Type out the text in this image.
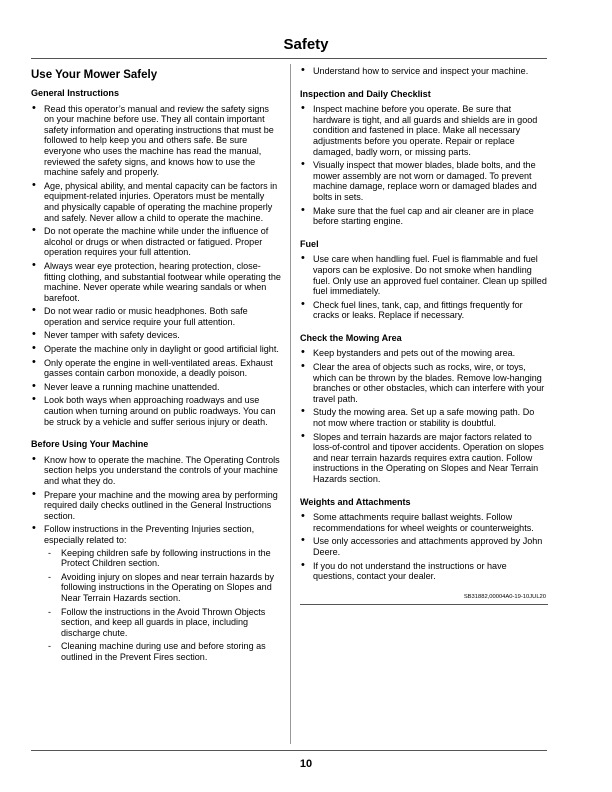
Safety
Use Your Mower Safely
General Instructions
• Read this operator’s manual and review the safety signs on your machine before use. They all contain important safety information and operating instructions that must be followed to help keep you and others safe. Be sure everyone who uses the machine has read the manual, reviewed the safety signs, and knows how to use the machine safely and properly.
• Age, physical ability, and mental capacity can be factors in equipment-related injuries. Operators must be mentally and physically capable of operating the machine properly and safely. Never allow a child to operate the machine.
• Do not operate the machine while under the influence of alcohol or drugs or when distracted or fatigued. Proper operation requires your full attention.
• Always wear eye protection, hearing protection, close-fitting clothing, and substantial footwear while operating the machine. Never operate while wearing sandals or when barefoot.
• Do not wear radio or music headphones. Both safe operation and service require your full attention.
• Never tamper with safety devices.
• Operate the machine only in daylight or good artificial light.
• Only operate the engine in well-ventilated areas. Exhaust gasses contain carbon monoxide, a deadly poison.
• Never leave a running machine unattended.
• Look both ways when approaching roadways and use caution when turning around on public roadways. You can be struck by a vehicle and suffer serious injury or death.
Before Using Your Machine
• Know how to operate the machine. The Operating Controls section helps you understand the controls of your machine and what they do.
• Prepare your machine and the mowing area by performing required daily checks outlined in the General Instructions section.
• Follow instructions in the Preventing Injuries section, especially related to:
- Keeping children safe by following instructions in the Protect Children section.
- Avoiding injury on slopes and near terrain hazards by following instructions in the Operating on Slopes and Near Terrain Hazards section.
- Follow the instructions in the Avoid Thrown Objects section, and keep all guards in place, including discharge chute.
- Cleaning machine during use and before storing as outlined in the Prevent Fires section.
• Understand how to service and inspect your machine.
Inspection and Daily Checklist
• Inspect machine before you operate. Be sure that hardware is tight, and all guards and shields are in good condition and fastened in place. Make all necessary adjustments before you operate. Repair or replace damaged, badly worn, or missing parts.
• Visually inspect that mower blades, blade bolts, and the mower assembly are not worn or damaged. To prevent machine damage, replace worn or damaged blades and bolts in sets.
• Make sure that the fuel cap and air cleaner are in place before starting engine.
Fuel
• Use care when handling fuel. Fuel is flammable and fuel vapors can be explosive. Do not smoke when handling fuel. Only use an approved fuel container. Clean up spilled fuel immediately.
• Check fuel lines, tank, cap, and fittings frequently for cracks or leaks. Replace if necessary.
Check the Mowing Area
• Keep bystanders and pets out of the mowing area.
• Clear the area of objects such as rocks, wire, or toys, which can be thrown by the blades. Remove low-hanging branches or other obstacles, which can interfere with your travel path.
• Study the mowing area. Set up a safe mowing path. Do not mow where traction or stability is doubtful.
• Slopes and terrain hazards are major factors related to loss-of-control and tipover accidents. Operation on slopes and near terrain hazards requires extra caution. Follow instructions in the Operating on Slopes and Near Terrain Hazards section.
Weights and Attachments
• Some attachments require ballast weights. Follow recommendations for wheel weights or counterweights.
• Use only accessories and attachments approved by John Deere.
• If you do not understand the instructions or have questions, contact your dealer.
SB31882,00004A0-19-10JUL20
10
